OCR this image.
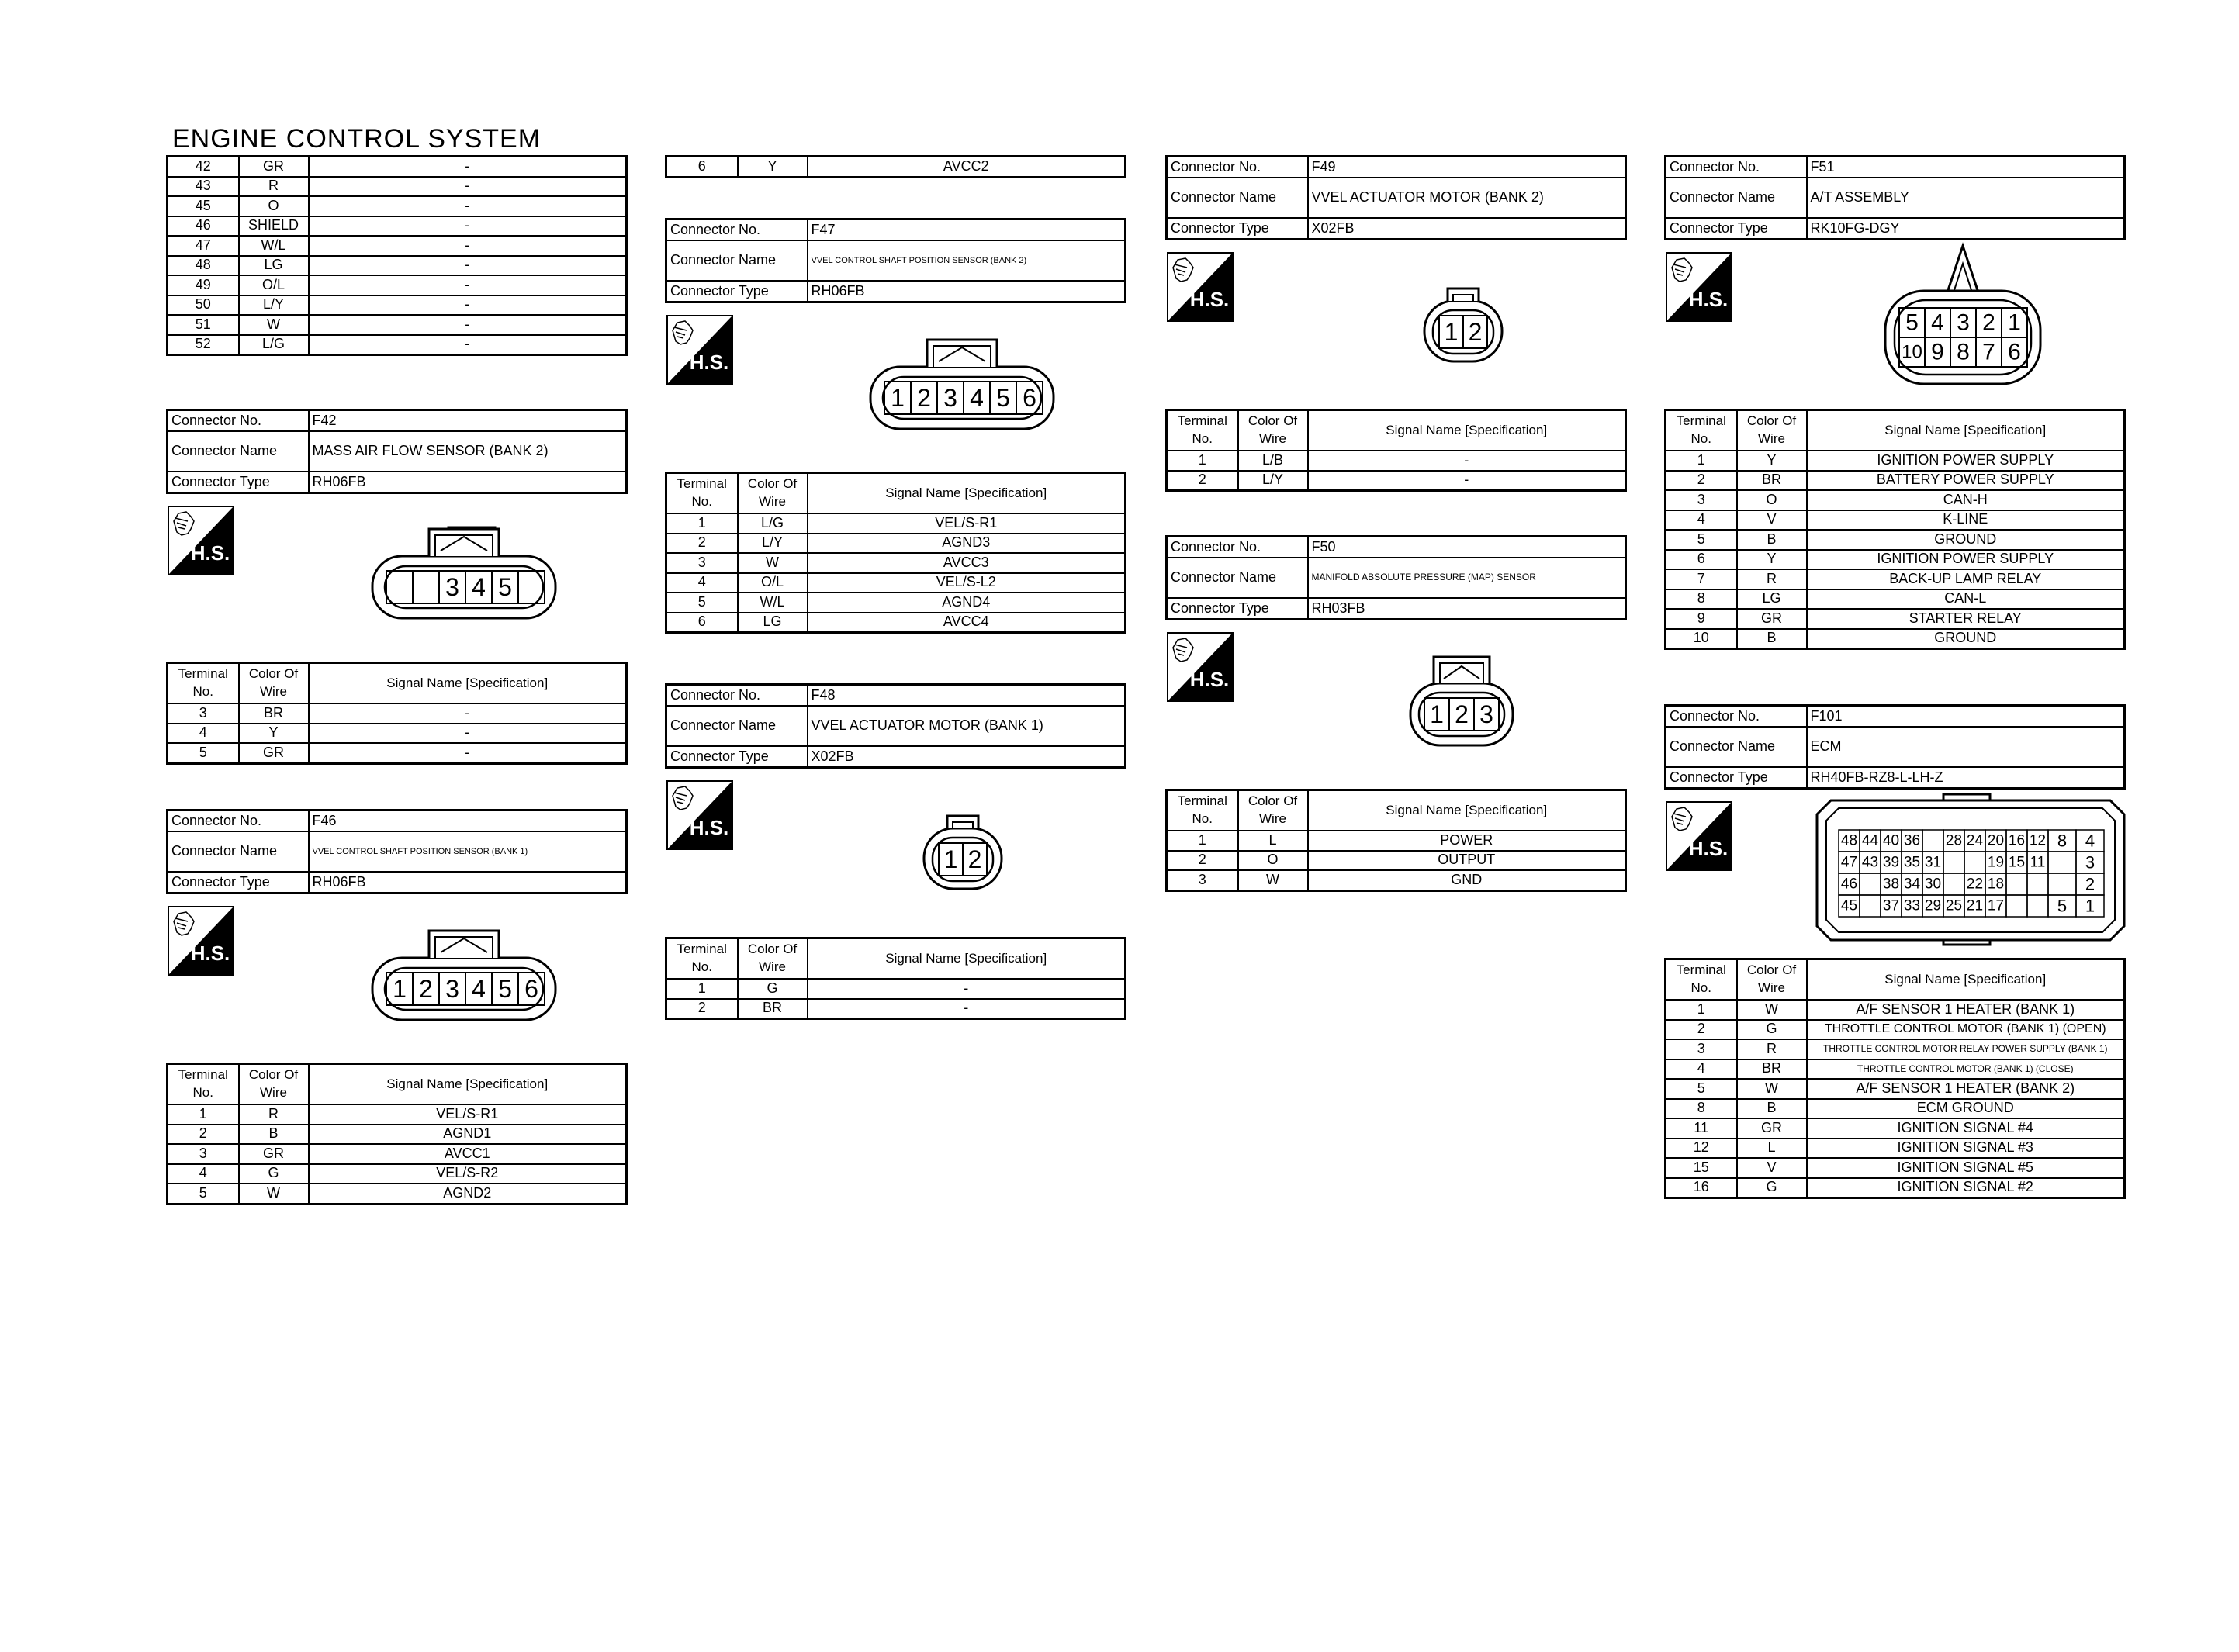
ENGINE CONTROL SYSTEM
42	GR	-
43	R	-
45	O	-
46	SHIELD	-
47	W/L	-
48	LG	-
49	O/L	-
50	L/Y	-
51	W	-
52	L/G	-
Connector No.	F42
Connector Name	MASS AIR FLOW SENSOR (BANK 2)
Connector Type	RH06FB
H.S.
3 4 5
Terminal No.	Color Of Wire	Signal Name [Specification]
3	BR	-
4	Y	-
5	GR	-
Connector No.	F46
Connector Name	VVEL CONTROL SHAFT POSITION SENSOR (BANK 1)
Connector Type	RH06FB
H.S.
1 2 3 4 5 6
Terminal No.	Color Of Wire	Signal Name [Specification]
1	R	VEL/S-R1
2	B	AGND1
3	GR	AVCC1
4	G	VEL/S-R2
5	W	AGND2
6	Y	AVCC2
Connector No.	F47
Connector Name	VVEL CONTROL SHAFT POSITION SENSOR (BANK 2)
Connector Type	RH06FB
H.S.
1 2 3 4 5 6
Terminal No.	Color Of Wire	Signal Name [Specification]
1	L/G	VEL/S-R1
2	L/Y	AGND3
3	W	AVCC3
4	O/L	VEL/S-L2
5	W/L	AGND4
6	LG	AVCC4
Connector No.	F48
Connector Name	VVEL ACTUATOR MOTOR (BANK 1)
Connector Type	X02FB
H.S.
1 2
Terminal No.	Color Of Wire	Signal Name [Specification]
1	G	-
2	BR	-
Connector No.	F49
Connector Name	VVEL ACTUATOR MOTOR (BANK 2)
Connector Type	X02FB
H.S.
1 2
Terminal No.	Color Of Wire	Signal Name [Specification]
1	L/B	-
2	L/Y	-
Connector No.	F50
Connector Name	MANIFOLD ABSOLUTE PRESSURE (MAP) SENSOR
Connector Type	RH03FB
H.S.
1 2 3
Terminal No.	Color Of Wire	Signal Name [Specification]
1	L	POWER
2	O	OUTPUT
3	W	GND
Connector No.	F51
Connector Name	A/T ASSEMBLY
Connector Type	RK10FG-DGY
H.S.
5
10
4
9
3
8
2
7
1
6
Terminal No.	Color Of Wire	Signal Name [Specification]
1	Y	IGNITION POWER SUPPLY
2	BR	BATTERY POWER SUPPLY
3	O	CAN-H
4	V	K-LINE
5	B	GROUND
6	Y	IGNITION POWER SUPPLY
7	R	BACK-UP LAMP RELAY
8	LG	CAN-L
9	GR	STARTER RELAY
10	B	GROUND
Connector No.	F101
Connector Name	ECM
Connector Type	RH40FB-RZ8-L-LH-Z
H.S.	48 44 40 36 28 24 20 16 12 8 4
47 43 39 35 31	19 15 11 3
46 38 34 30 22 18	2
45 37 33 29 25 21 17	5 1
Terminal No.	Color Of Wire	Signal Name [Specification]
1	W	A/F SENSOR 1 HEATER (BANK 1)
2	G	THROTTLE CONTROL MOTOR (BANK 1) (OPEN)
3	R	THROTTLE CONTROL MOTOR RELAY POWER SUPPLY (BANK 1)
4	BR	THROTTLE CONTROL MOTOR (BANK 1) (CLOSE)
5	W	A/F SENSOR 1 HEATER (BANK 2)
8	B	ECM GROUND
11	GR	IGNITION SIGNAL #4
12	L	IGNITION SIGNAL #3
15	V	IGNITION SIGNAL #5
16	G	IGNITION SIGNAL #2
